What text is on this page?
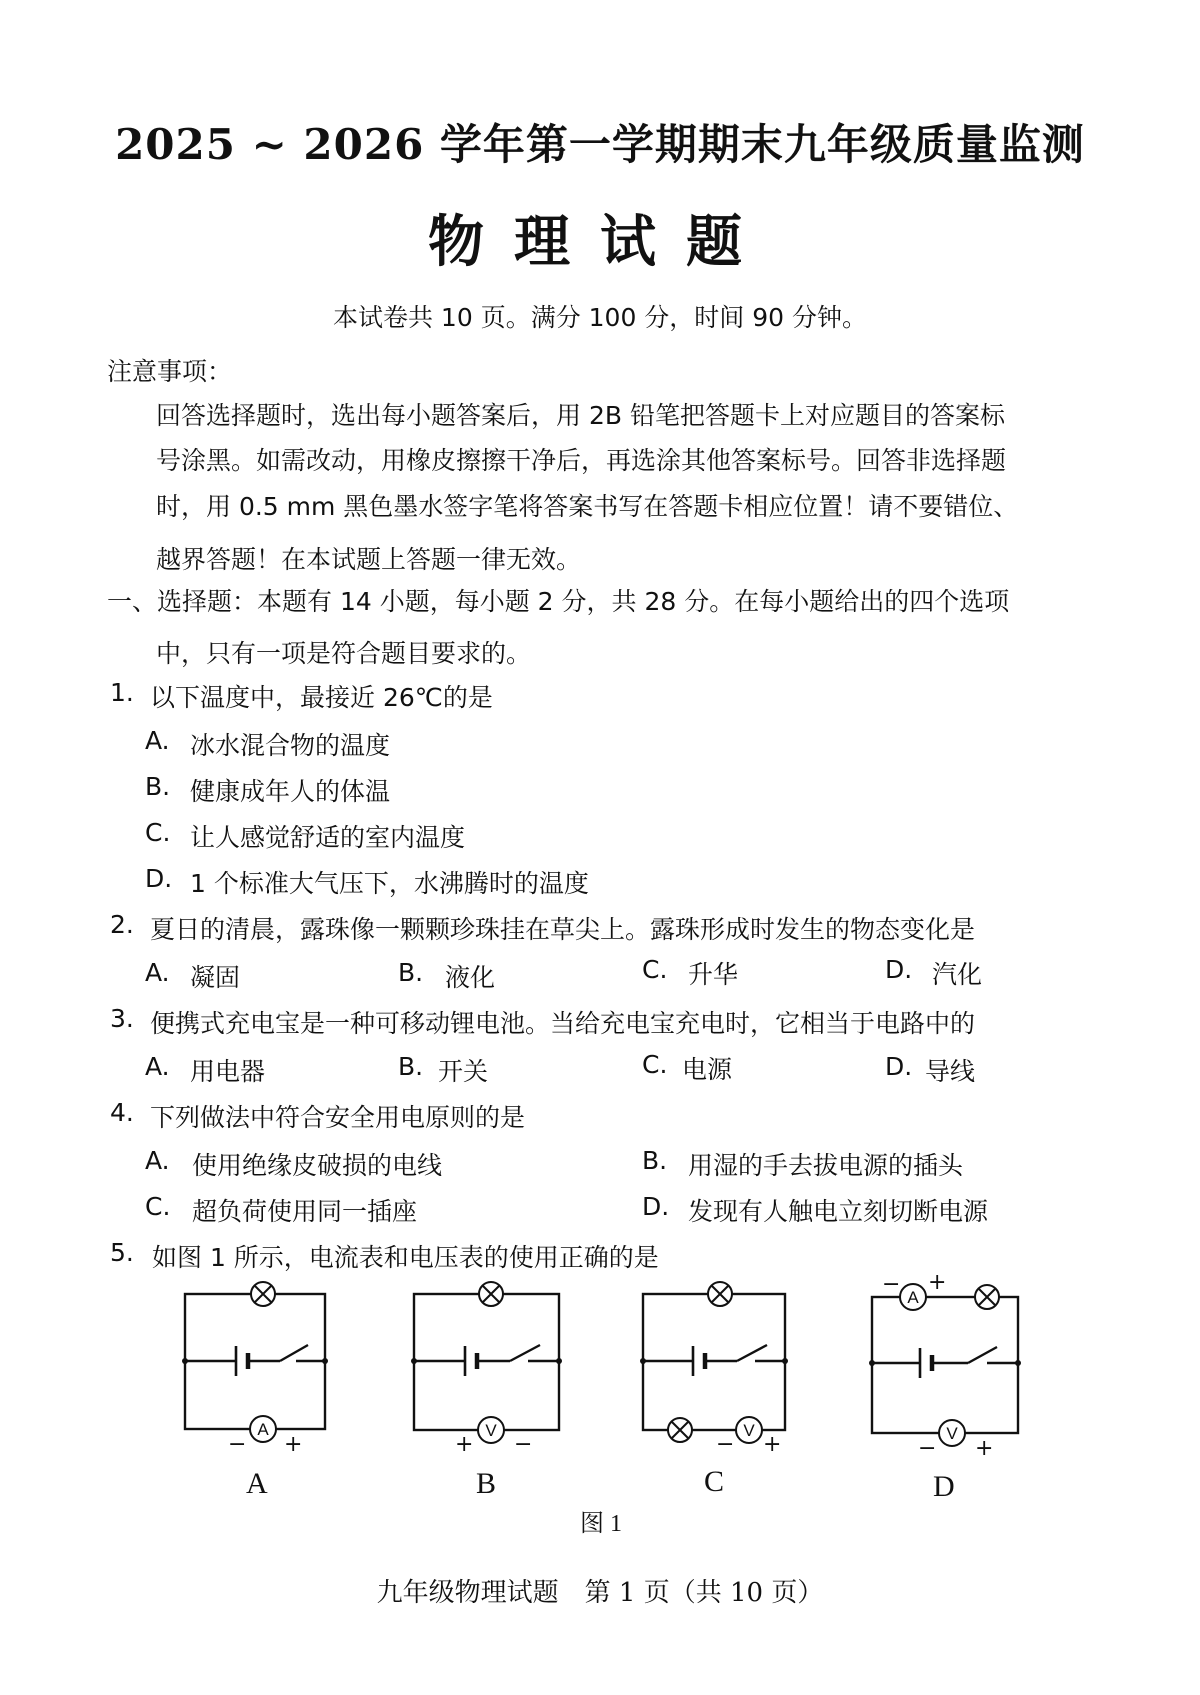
2025 ~ 2026 学年第一学期期末九年级质量监测
物理试题
本试卷共 10 页。满分 100 分，时间 90 分钟。
注意事项：
回答选择题时，选出每小题答案后，用 2B 铅笔把答题卡上对应题目的答案标
号涂黑。如需改动，用橡皮擦擦干净后，再选涂其他答案标号。回答非选择题
时，用 0.5 mm 黑色墨水签字笔将答案书写在答题卡相应位置！请不要错位、
越界答题！在本试题上答题一律无效。
一、选择题：本题有 14 小题，每小题 2 分，共 28 分。在每小题给出的四个选项
中，只有一项是符合题目要求的。
1. 以下温度中，最接近 26℃的是
A. 冰水混合物的温度
B. 健康成年人的体温
C. 让人感觉舒适的室内温度
D. 1 个标准大气压下，水沸腾时的温度
2. 夏日的清晨，露珠像一颗颗珍珠挂在草尖上。露珠形成时发生的物态变化是
A. 凝固	B. 液化	C. 升华	D. 汽化
3. 便携式充电宝是一种可移动锂电池。当给充电宝充电时，它相当于电路中的
A. 用电器	B. 开关	C. 电源	D. 导线
4. 下列做法中符合安全用电原则的是
A. 使用绝缘皮破损的电线	B. 用湿的手去拔电源的插头
C. 超负荷使用同一插座	D. 发现有人触电立刻切断电源
5. 如图 1 所示，电流表和电压表的使用正确的是
A	V	V
A
V
− +	+ −	− +
− +
− +
A	B	C	D
图 1
九年级物理试题　第 1 页（共 10 页）
